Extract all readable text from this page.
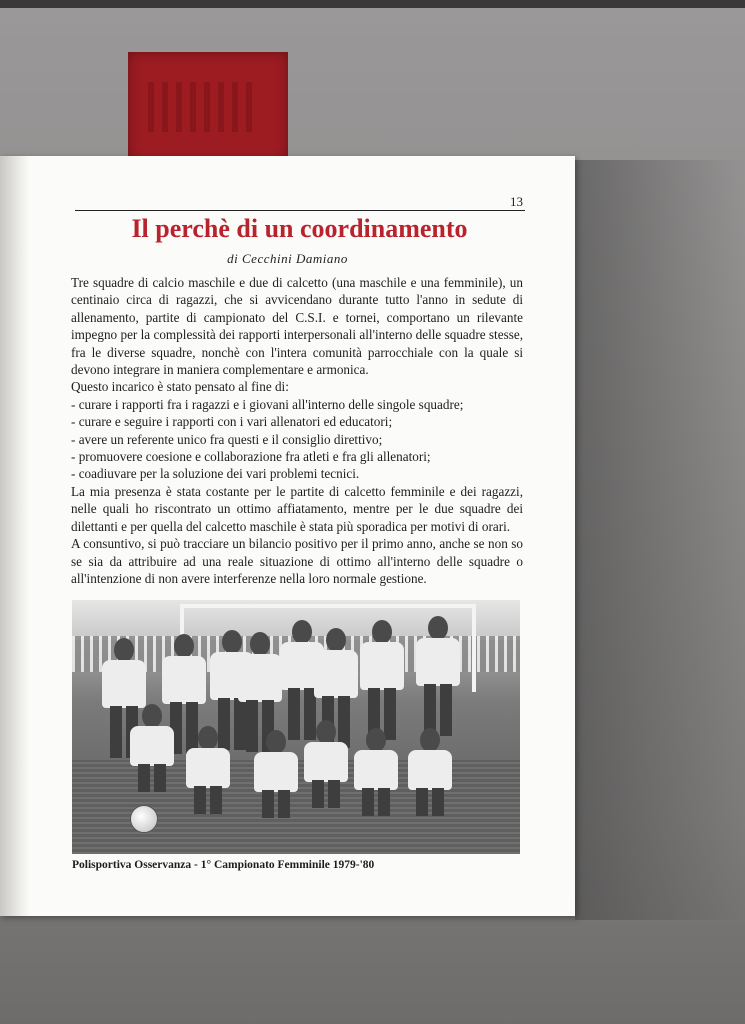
13
Il perchè di un coordinamento
di Cecchini Damiano

Tre squadre di calcio maschile e due di calcetto (una maschile e una femminile), un centinaio circa di ragazzi, che si avvicendano durante tutto l'anno in sedute di allenamento, partite di campionato del C.S.I. e tornei, comportano un rilevante impegno per la complessità dei rapporti interpersonali all'interno delle squadre stesse, fra le diverse squadre, nonchè con l'intera comunità parrocchiale con la quale si devono integrare in maniera complementare e armonica.

Questo incarico è stato pensato al fine di:

- curare i rapporti fra i ragazzi e i giovani all'interno delle singole squadre;
- curare e seguire i rapporti con i vari allenatori ed educatori;
- avere un referente unico fra questi e il consiglio direttivo;
- promuovere coesione e collaborazione fra atleti e fra gli allenatori;
- coadiuvare per la soluzione dei vari problemi tecnici.

La mia presenza è stata costante per le partite di calcetto femminile e dei ragazzi, nelle quali ho riscontrato un ottimo affiatamento, mentre per le due squadre dei dilettanti e per quella del calcetto maschile è stata più sporadica per motivi di orari.

A consuntivo, si può tracciare un bilancio positivo per il primo anno, anche se non so se sia da attribuire ad una reale situazione di ottimo all'interno delle squadre o all'intenzione di non avere interferenze nella loro normale gestione.

Polisportiva Osservanza - 1° Campionato Femminile 1979-'80
